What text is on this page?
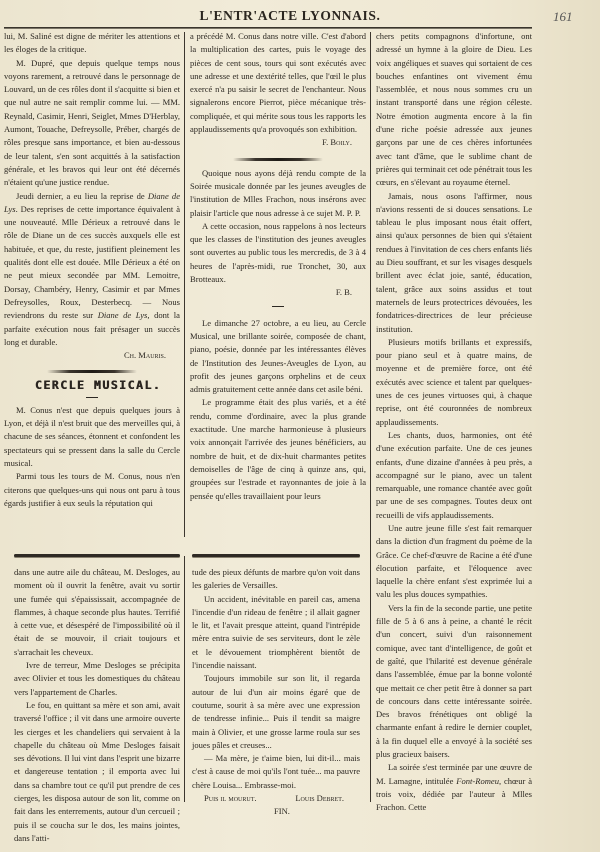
L'ENTR'ACTE LYONNAIS.	161

lui, M. Saliné est digne de mériter les attentions et les éloges de la critique.

M. Dupré, que depuis quelque temps nous voyons rarement, a retrouvé dans le personnage de Louvard, un de ces rôles dont il s'acquitte si bien et que nul autre ne sait remplir comme lui. — MM. Reynald, Casimir, Henri, Seiglet, Mmes D'Herblay, Aumont, Touache, Defreysolle, Préber, chargés de rôles presque sans importance, et bien au-dessous de leur talent, s'en sont acquittés à la satisfaction générale, et les bravos qui leur ont été décernés n'étaient qu'une justice rendue.

Jeudi dernier, a eu lieu la reprise de Diane de Lys. Des reprises de cette importance équivalent à une nouveauté. Mlle Dérieux a retrouvé dans le rôle de Diane un de ces succès auxquels elle est habituée, et que, du reste, justifient pleinement les qualités dont elle est douée. Mlle Dérieux a été on ne peut mieux secondée par MM. Lemoitre, Dorsay, Chambéry, Henry, Casimir et par Mmes Defreysolles, Roux, Desterbecq. — Nous reviendrons du reste sur Diane de Lys, dont la parfaite exécution nous fait présager un succès long et durable.

Ch. Mauris.

CERCLE MUSICAL.

M. Conus n'est que depuis quelques jours à Lyon, et déjà il n'est bruit que des merveilles qui, à chacune de ses séances, étonnent et confondent les spectateurs qui se pressent dans la salle du Cercle musical.

Parmi tous les tours de M. Conus, nous n'en citerons que quelques-uns qui nous ont paru à tous égards justifier à eux seuls la réputation qui

a précédé M. Conus dans notre ville. C'est d'abord la multiplication des cartes, puis le voyage des pièces de cent sous, tours qui sont exécutés avec une adresse et une dextérité telles, que l'œil le plus exercé n'a pu saisir le secret de l'enchanteur. Nous signalerons encore Pierrot, pièce mécanique très-compliquée, et qui mérite sous tous les rapports les applaudissements qu'a provoqués son exhibition.

F. Boily.

Quoique nous ayons déjà rendu compte de la Soirée musicale donnée par les jeunes aveugles de l'institution de Mlles Frachon, nous insérons avec plaisir l'article que nous adresse à ce sujet M. P. P.

A cette occasion, nous rappelons à nos lecteurs que les classes de l'institution des jeunes aveugles sont ouvertes au public tous les mercredis, de 3 à 4 heures de l'après-midi, rue Tronchet, 30, aux Brotteaux.

F. B.

Le dimanche 27 octobre, a eu lieu, au Cercle Musical, une brillante soirée, composée de chant, piano, poésie, donnée par les intéressantes élèves de l'Institution des Jeunes-Aveugles de Lyon, au profit des jeunes garçons orphelins et de ceux admis gratuitement cette année dans cet asile béni.

Le programme était des plus variés, et a été rendu, comme d'ordinaire, avec la plus grande exactitude. Une marche harmonieuse à plusieurs voix annonçait l'arrivée des jeunes bénéficiers, au nombre de huit, et de dix-huit charmantes petites demoiselles de l'âge de cinq à quinze ans, qui, groupées sur l'estrade et rayonnantes de joie à la pensée qu'elles travaillaient pour leurs

chers petits compagnons d'infortune, ont adressé un hymne à la gloire de Dieu. Les voix angéliques et suaves qui sortaient de ces bouches enfantines ont vivement ému l'assemblée, et nous nous sommes cru un instant transporté dans une région céleste. Notre émotion augmenta encore à la fin d'une riche poésie adressée aux jeunes garçons par une de ces chères infortunées avec tant d'âme, que le sublime chant de prières qui terminait cet ode pénétrait tous les cœurs, en s'élevant au royaume éternel.

Jamais, nous osons l'affirmer, nous n'avions ressenti de si douces sensations. Le tableau le plus imposant nous était offert, ainsi qu'aux personnes de bien qui s'étaient rendues à l'invitation de ces chers enfants liés au Dieu souffrant, et sur les visages desquels brillent avec éclat joie, santé, éducation, talent, grâce aux soins assidus et tout maternels de leurs protectrices dévouées, les fondatrices-directrices de leur précieuse institution.

Plusieurs motifs brillants et expressifs, pour piano seul et à quatre mains, de moyenne et de première force, ont été exécutés avec science et talent par quelques-unes de ces jeunes virtuoses qui, à chaque reprise, ont été couronnées de nombreux applaudissements.

Les chants, duos, harmonies, ont été d'une exécution parfaite. Une de ces jeunes enfants, d'une dizaine d'années à peu près, a accompagné sur le piano, avec un talent remarquable, une romance chantée avec goût par une de ses compagnes. Toutes deux ont recueilli de vifs applaudissements.

Une autre jeune fille s'est fait remarquer dans la diction d'un fragment du poème de la Grâce. Ce chef-d'œuvre de Racine a été d'une élocution parfaite, et l'éloquence avec laquelle la chère enfant s'est exprimée lui a valu les plus douces sympathies.

Vers la fin de la seconde partie, une petite fille de 5 à 6 ans à peine, a chanté le récit d'un concert, suivi d'un raisonnement comique, avec tant d'intelligence, de goût et de gaîté, que l'hilarité est devenue générale dans l'assemblée, émue par la bonne volonté que mettait ce cher petit être à donner sa part de concours dans cette intéressante soirée. Des bravos frénétiques ont obligé la charmante enfant à redire le dernier couplet, à la fin duquel elle a envoyé à la société ses plus gracieux baisers.

La soirée s'est terminée par une œuvre de M. Lamagne, intitulée Font-Romeu, chœur à trois voix, dédiée par l'auteur à Mlles Frachon. Cette

dans une autre aile du château, M. Desloges, au moment où il ouvrit la fenêtre, avait vu sortir une fumée qui s'épaississait, accompagnée de flammes, à chaque seconde plus hautes. Terrifié à cette vue, et désespéré de l'impossibilité où il était de se mouvoir, il criait toujours et s'arrachait les cheveux.

Ivre de terreur, Mme Desloges se précipita avec Olivier et tous les domestiques du château vers l'appartement de Charles.

Le fou, en quittant sa mère et son ami, avait traversé l'office ; il vit dans une armoire ouverte les cierges et les chandeliers qui servaient à la chapelle du château où Mme Desloges faisait ses dévotions. Il lui vint dans l'esprit une bizarre et dangereuse tentation ; il emporta avec lui dans sa chambre tout ce qu'il put prendre de ces cierges, les disposa autour de son lit, comme on fait dans les enterrements, autour d'un cercueil ; puis il se coucha sur le dos, les mains jointes, dans l'atti-

tude des pieux défunts de marbre qu'on voit dans les galeries de Versailles.

Un accident, inévitable en pareil cas, amena l'incendie d'un rideau de fenêtre ; il allait gagner le lit, et l'avait presque atteint, quand l'intrépide mère entra suivie de ses serviteurs, dont le zèle et le dévouement triomphèrent bientôt de l'incendie naissant.

Toujours immobile sur son lit, il regarda autour de lui d'un air moins égaré que de coutume, sourit à sa mère avec une expression de tendresse infinie... Puis il tendit sa maigre main à Olivier, et une grosse larme roula sur ses joues pâles et creuses...

— Ma mère, je t'aime bien, lui dit-il... mais c'est à cause de moi qu'ils l'ont tuée... ma pauvre chère Louisa... Embrasse-moi.

Puis il mourut.	Louis Debret.

FIN.
